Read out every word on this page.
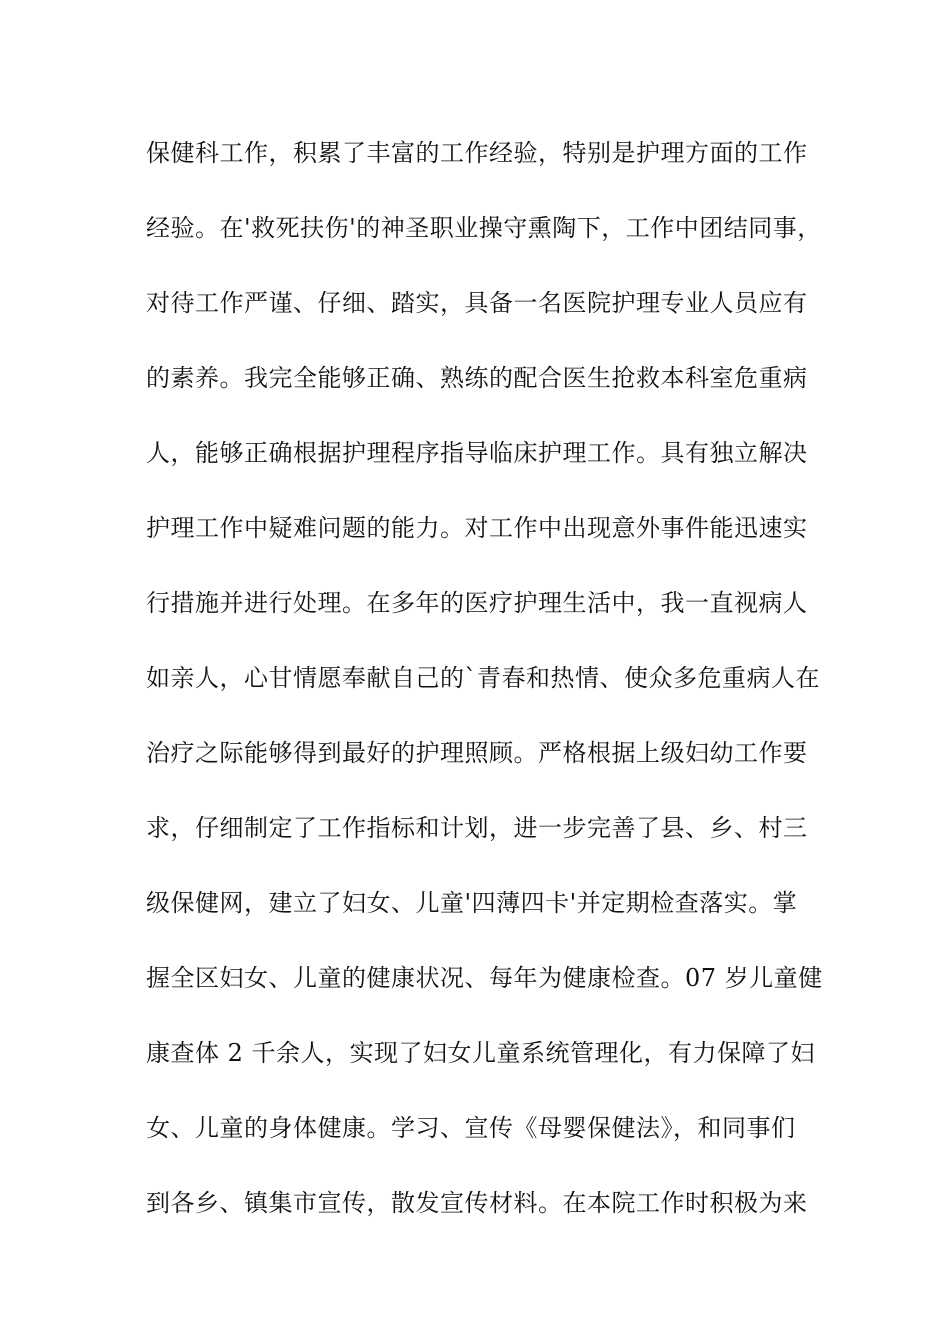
保健科工作，积累了丰富的工作经验，特别是护理方面的工作
经验。在'救死扶伤'的神圣职业操守熏陶下，工作中团结同事，
对待工作严谨、仔细、踏实，具备一名医院护理专业人员应有
的素养。我完全能够正确、熟练的配合医生抢救本科室危重病
人，能够正确根据护理程序指导临床护理工作。具有独立解决
护理工作中疑难问题的能力。对工作中出现意外事件能迅速实
行措施并进行处理。在多年的医疗护理生活中，我一直视病人
如亲人，心甘情愿奉献自己的`青春和热情、使众多危重病人在
治疗之际能够得到最好的护理照顾。严格根据上级妇幼工作要
求，仔细制定了工作指标和计划，进一步完善了县、乡、村三
级保健网，建立了妇女、儿童'四薄四卡'并定期检查落实。掌
握全区妇女、儿童的健康状况、每年为健康检查。07 岁儿童健
康查体 2 千余人，实现了妇女儿童系统管理化，有力保障了妇
女、儿童的身体健康。学习、宣传《母婴保健法》，和同事们
到各乡、镇集市宣传，散发宣传材料。在本院工作时积极为来
